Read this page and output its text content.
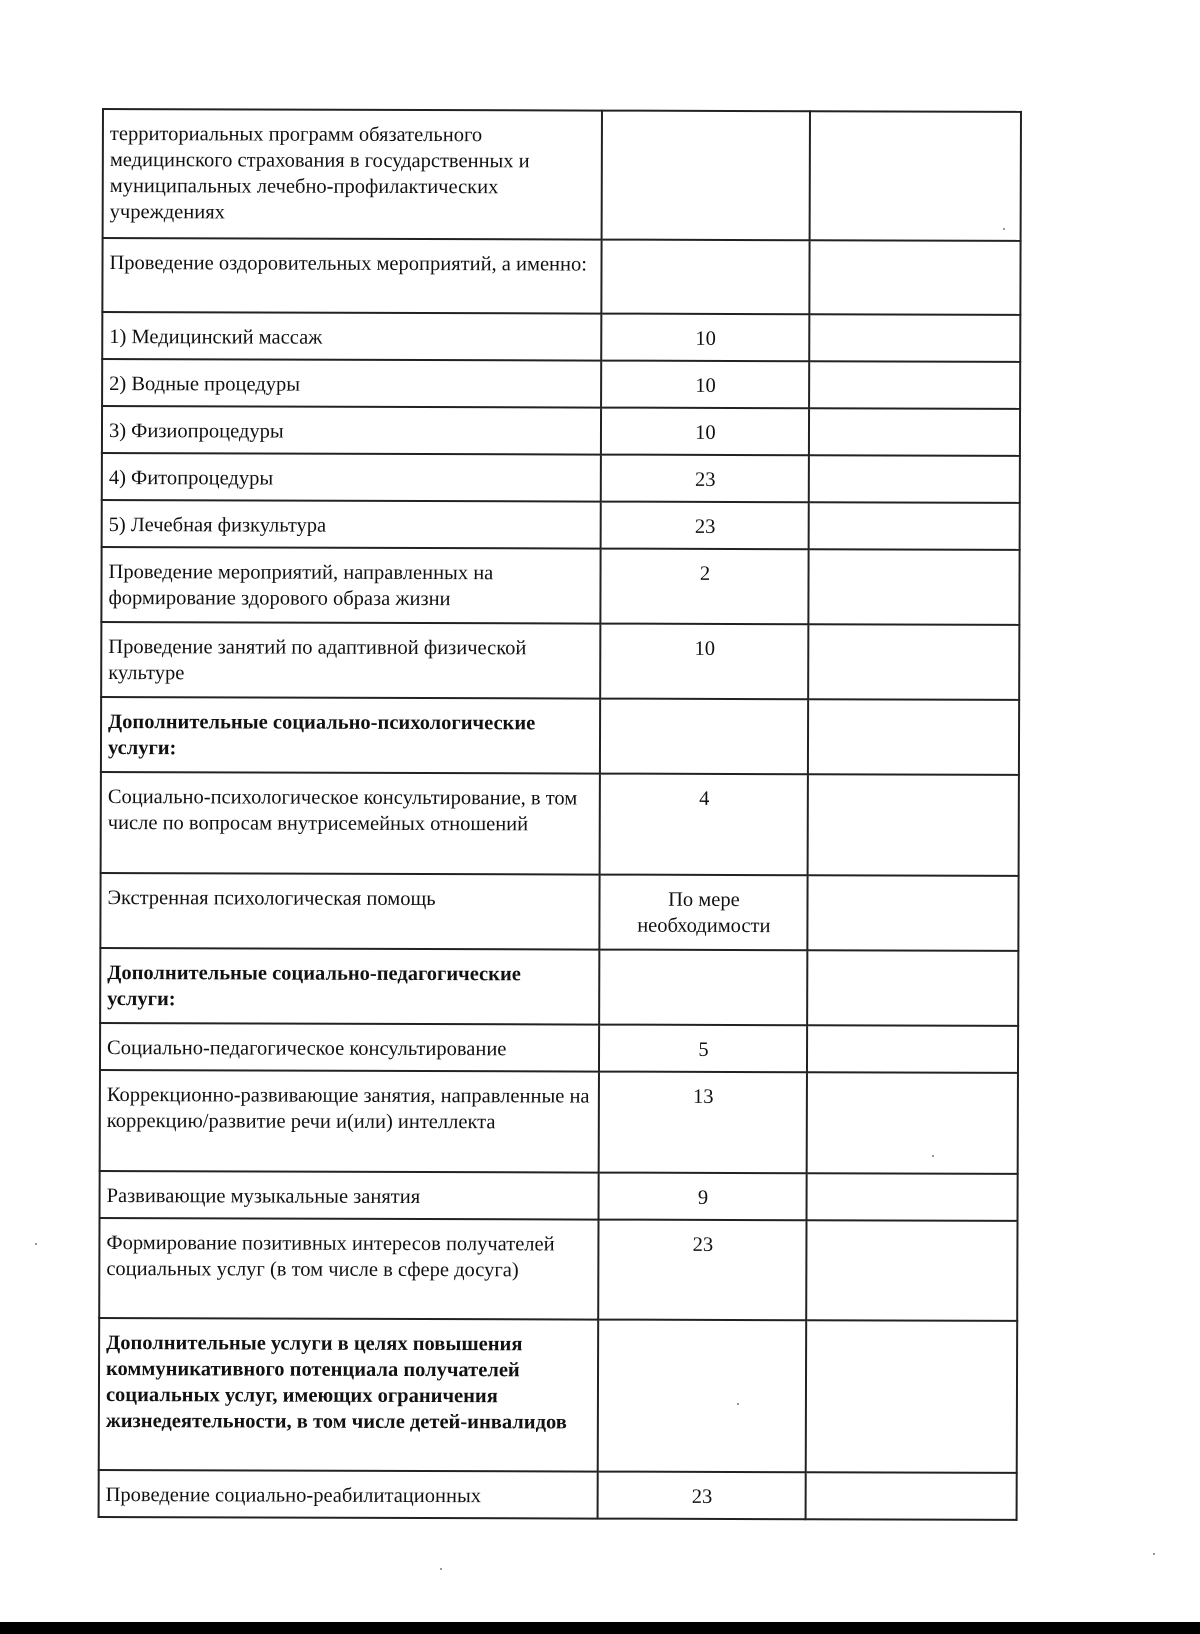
территориальных программ обязательного медицинского страхования в государственных и муниципальных лечебно-профилактических учреждениях		
Проведение оздоровительных мероприятий, а именно:		
1) Медицинский массаж	10	
2) Водные процедуры	10	
3) Физиопроцедуры	10	
4) Фитопроцедуры	23	
5) Лечебная физкультура	23	
Проведение мероприятий, направленных на формирование здорового образа жизни	2	
Проведение занятий по адаптивной физической культуре	10	
Дополнительные социально-психологические услуги:		
Социально-психологическое консультирование, в том числе по вопросам внутрисемейных отношений	4	
Экстренная психологическая помощь	По мере необходимости	
Дополнительные социально-педагогические услуги:		
Социально-педагогическое консультирование	5	
Коррекционно-развивающие занятия, направленные на коррекцию/развитие речи и(или) интеллекта	13	
Развивающие музыкальные занятия	9	
Формирование позитивных интересов получателей социальных услуг (в том числе в сфере досуга)	23	
Дополнительные услуги в целях повышения коммуникативного потенциала получателей социальных услуг, имеющих ограничения жизнедеятельности, в том числе детей-инвалидов		
Проведение социально-реабилитационных	23	
